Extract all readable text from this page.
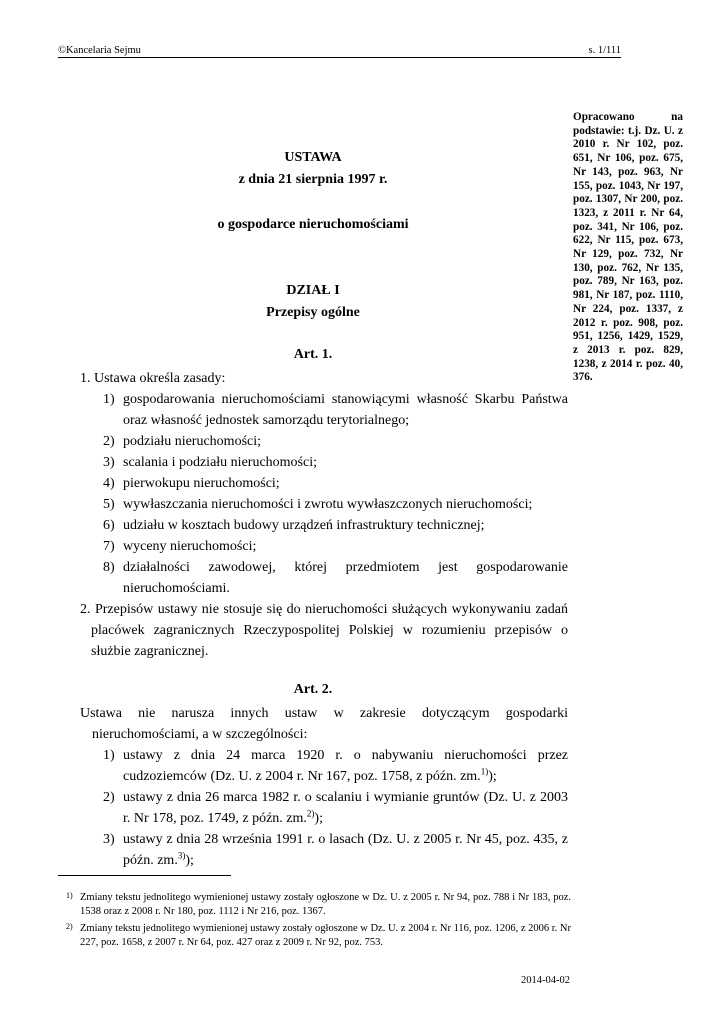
©Kancelaria Sejmu	s. 1/111
Opracowano na podstawie: t.j. Dz. U. z 2010 r. Nr 102, poz. 651, Nr 106, poz. 675, Nr 143, poz. 963, Nr 155, poz. 1043, Nr 197, poz. 1307, Nr 200, poz. 1323, z 2011 r. Nr 64, poz. 341, Nr 106, poz. 622, Nr 115, poz. 673, Nr 129, poz. 732, Nr 130, poz. 762, Nr 135, poz. 789, Nr 163, poz. 981, Nr 187, poz. 1110, Nr 224, poz. 1337, z 2012 r. poz. 908, poz. 951, 1256, 1429, 1529, z 2013 r. poz. 829, 1238, z 2014 r. poz. 40, 376.
USTAWA
z dnia 21 sierpnia 1997 r.
o gospodarce nieruchomościami
DZIAŁ I
Przepisy ogólne
Art. 1.
1. Ustawa określa zasady:
1) gospodarowania nieruchomościami stanowiącymi własność Skarbu Państwa oraz własność jednostek samorządu terytorialnego;
2) podziału nieruchomości;
3) scalania i podziału nieruchomości;
4) pierwokupu nieruchomości;
5) wywłaszczania nieruchomości i zwrotu wywłaszczonych nieruchomości;
6) udziału w kosztach budowy urządzeń infrastruktury technicznej;
7) wyceny nieruchomości;
8) działalności zawodowej, której przedmiotem jest gospodarowanie nieruchomościami.
2. Przepisów ustawy nie stosuje się do nieruchomości służących wykonywaniu zadań placówek zagranicznych Rzeczypospolitej Polskiej w rozumieniu przepisów o służbie zagranicznej.
Art. 2.
Ustawa nie narusza innych ustaw w zakresie dotyczącym gospodarki nieruchomościami, a w szczególności:
1) ustawy z dnia 24 marca 1920 r. o nabywaniu nieruchomości przez cudzoziemców (Dz. U. z 2004 r. Nr 167, poz. 1758, z późn. zm.$^{1)}$);
2) ustawy z dnia 26 marca 1982 r. o scalaniu i wymianie gruntów (Dz. U. z 2003 r. Nr 178, poz. 1749, z późn. zm.$^{2)}$);
3) ustawy z dnia 28 września 1991 r. o lasach (Dz. U. z 2005 r. Nr 45, poz. 435, z późn. zm.$^{3)}$);
1) Zmiany tekstu jednolitego wymienionej ustawy zostały ogłoszone w Dz. U. z 2005 r. Nr 94, poz. 788 i Nr 183, poz. 1538 oraz z 2008 r. Nr 180, poz. 1112 i Nr 216, poz. 1367.
2) Zmiany tekstu jednolitego wymienionej ustawy zostały ogłoszone w Dz. U. z 2004 r. Nr 116, poz. 1206, z 2006 r. Nr 227, poz. 1658, z 2007 r. Nr 64, poz. 427 oraz z 2009 r. Nr 92, poz. 753.
2014-04-02
